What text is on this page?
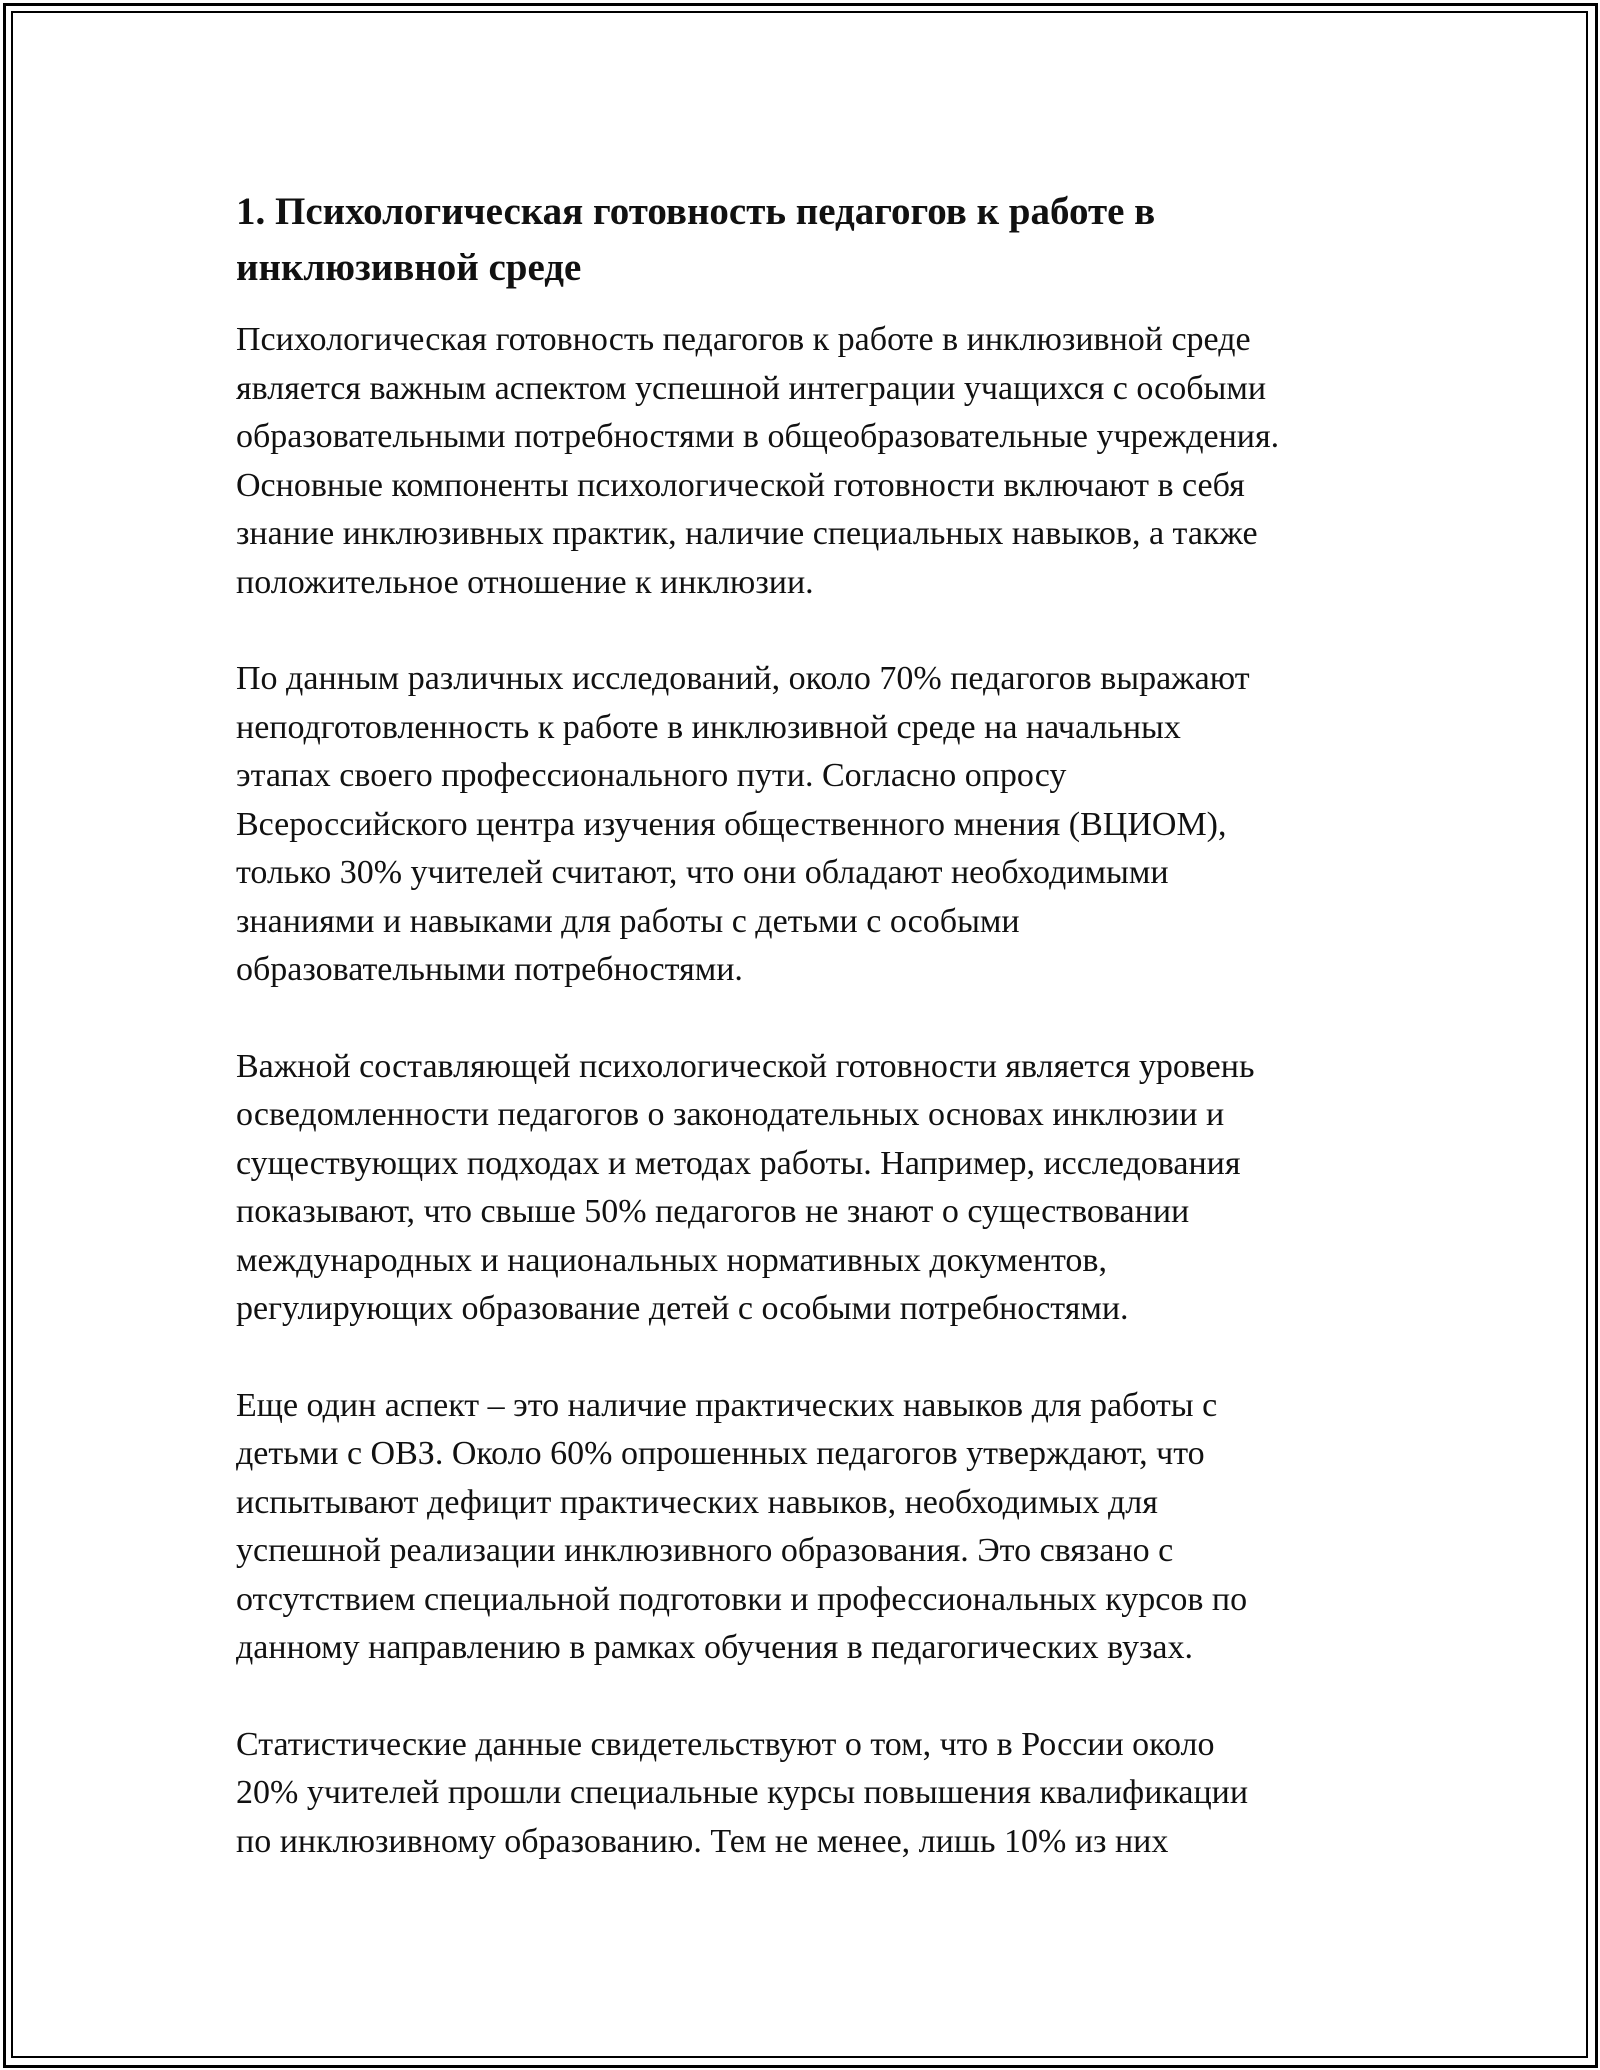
1. Психологическая готовность педагогов к работе в
инклюзивной среде

Психологическая готовность педагогов к работе в инклюзивной среде
является важным аспектом успешной интеграции учащихся с особыми
образовательными потребностями в общеобразовательные учреждения.
Основные компоненты психологической готовности включают в себя
знание инклюзивных практик, наличие специальных навыков, а также
положительное отношение к инклюзии.

По данным различных исследований, около 70% педагогов выражают
неподготовленность к работе в инклюзивной среде на начальных
этапах своего профессионального пути. Согласно опросу
Всероссийского центра изучения общественного мнения (ВЦИОМ),
только 30% учителей считают, что они обладают необходимыми
знаниями и навыками для работы с детьми с особыми
образовательными потребностями.

Важной составляющей психологической готовности является уровень
осведомленности педагогов о законодательных основах инклюзии и
существующих подходах и методах работы. Например, исследования
показывают, что свыше 50% педагогов не знают о существовании
международных и национальных нормативных документов,
регулирующих образование детей с особыми потребностями.

Еще один аспект – это наличие практических навыков для работы с
детьми с ОВЗ. Около 60% опрошенных педагогов утверждают, что
испытывают дефицит практических навыков, необходимых для
успешной реализации инклюзивного образования. Это связано с
отсутствием специальной подготовки и профессиональных курсов по
данному направлению в рамках обучения в педагогических вузах.

Статистические данные свидетельствуют о том, что в России около
20% учителей прошли специальные курсы повышения квалификации
по инклюзивному образованию. Тем не менее, лишь 10% из них
